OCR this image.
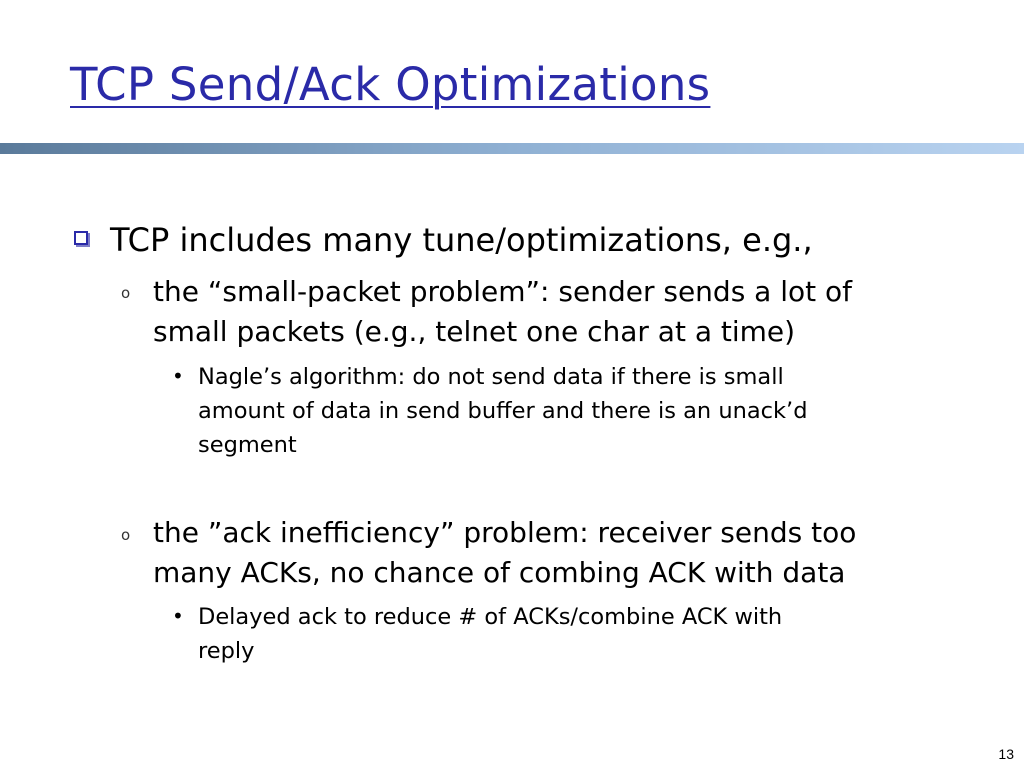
TCP Send/Ack Optimizations
TCP includes many tune/optimizations, e.g.,
o the “small-packet problem”: sender sends a lot of
small packets (e.g., telnet one char at a time)
• Nagle’s algorithm: do not send data if there is small
amount of data in send buffer and there is an unack’d
segment
o the ”ack inefficiency” problem: receiver sends too
many ACKs, no chance of combing ACK with data
• Delayed ack to reduce # of ACKs/combine ACK with
reply
13
